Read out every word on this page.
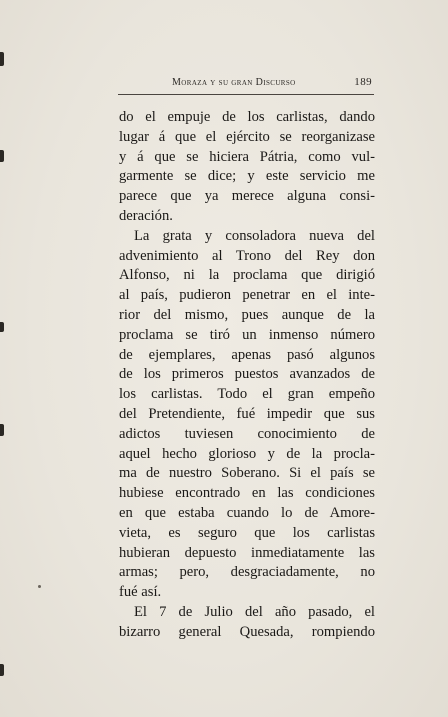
Moraza y su gran Discurso	189
do el empuje de los carlistas, dando
lugar á que el ejército se reorganizase
y á que se hiciera Pátria, como vul-
garmente se dice; y este servicio me
parece que ya merece alguna consi-
deración.
La grata y consoladora nueva del
advenimiento al Trono del Rey don
Alfonso, ni la proclama que dirigió
al país, pudieron penetrar en el inte-
rior del mismo, pues aunque de la
proclama se tiró un inmenso número
de ejemplares, apenas pasó algunos
de los primeros puestos avanzados de
los carlistas. Todo el gran empeño
del Pretendiente, fué impedir que sus
adictos tuviesen conocimiento de
aquel hecho glorioso y de la procla-
ma de nuestro Soberano. Si el país se
hubiese encontrado en las condiciones
en que estaba cuando lo de Amore-
vieta, es seguro que los carlistas
hubieran depuesto inmediatamente las
armas; pero, desgraciadamente, no
fué así.
El 7 de Julio del año pasado, el
bizarro general Quesada, rompiendo
